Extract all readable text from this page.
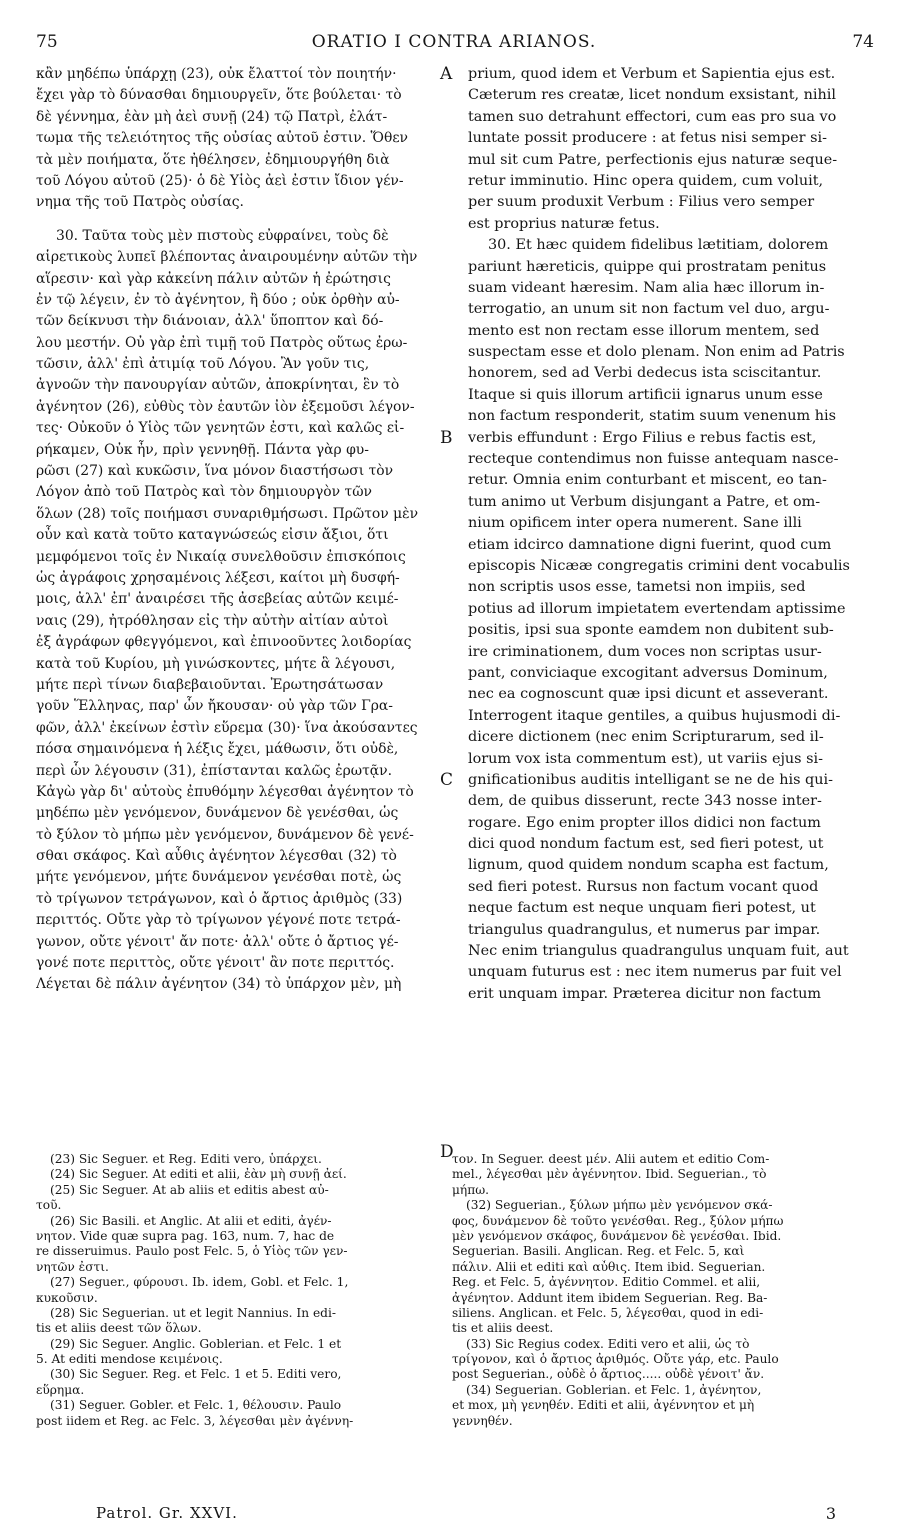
75	ORATIO I CONTRA ARIANOS.	74
κἂν μηδέπω ὑπάρχῃ (23), οὐκ ἔλαττοί τὸν ποιητήν·
ἔχει γὰρ τὸ δύνασθαι δημιουργεῖν, ὅτε βούλεται· τὸ
δὲ γέννημα, ἐὰν μὴ ἀεὶ συνῇ (24) τῷ Πατρὶ, ἐλάτ-
τωμα τῆς τελειότητος τῆς οὐσίας αὐτοῦ ἐστιν. Ὅθεν
τὰ μὲν ποιήματα, ὅτε ἠθέλησεν, ἐδημιουργήθη διὰ
τοῦ Λόγου αὐτοῦ (25)· ὁ δὲ Υἱὸς ἀεὶ ἐστιν ἴδιον γέν-
νημα τῆς τοῦ Πατρὸς οὐσίας.
30. Ταῦτα τοὺς μὲν πιστοὺς εὐφραίνει, τοὺς δὲ
αἱρετικοὺς λυπεῖ βλέποντας ἀναιρουμένην αὐτῶν τὴν
αἵρεσιν· καὶ γὰρ κἀκείνη πάλιν αὐτῶν ἡ ἐρώτησις
ἐν τῷ λέγειν, ἐν τὸ ἀγένητον, ἢ δύο ; οὐκ ὀρθὴν αὐ-
τῶν δείκνυσι τὴν διάνοιαν, ἀλλ' ὕποπτον καὶ δό-
λου μεστήν. Οὐ γὰρ ἐπὶ τιμῇ τοῦ Πατρὸς οὕτως ἐρω-
τῶσιν, ἀλλ' ἐπὶ ἀτιμίᾳ τοῦ Λόγου. Ἂν γοῦν τις,
ἀγνοῶν τὴν πανουργίαν αὐτῶν, ἀποκρίνηται, ἓν τὸ
ἀγένητον (26), εὐθὺς τὸν ἑαυτῶν ἰὸν ἐξεμοῦσι λέγον-
τες· Οὐκοῦν ὁ Υἱὸς τῶν γενητῶν ἐστι, καὶ καλῶς εἰ-
ρήκαμεν, Οὐκ ἦν, πρὶν γεννηθῇ. Πάντα γὰρ φυ-
ρῶσι (27) καὶ κυκῶσιν, ἵνα μόνον διαστήσωσι τὸν
Λόγον ἀπὸ τοῦ Πατρὸς καὶ τὸν δημιουργὸν τῶν
ὅλων (28) τοῖς ποιήμασι συναριθμήσωσι. Πρῶτον μὲν
οὖν καὶ κατὰ τοῦτο καταγνώσεώς εἰσιν ἄξιοι, ὅτι
μεμφόμενοι τοῖς ἐν Νικαίᾳ συνελθοῦσιν ἐπισκόποις
ὡς ἀγράφοις χρησαμένοις λέξεσι, καίτοι μὴ δυσφή-
μοις, ἀλλ' ἐπ' ἀναιρέσει τῆς ἀσεβείας αὐτῶν κειμέ-
ναις (29), ἠτρόθλησαν εἰς τὴν αὐτὴν αἰτίαν αὐτοὶ
ἐξ ἀγράφων φθεγγόμενοι, καὶ ἐπινοοῦντες λοιδορίας
κατὰ τοῦ Κυρίου, μὴ γινώσκοντες, μήτε ἃ λέγουσι,
μήτε περὶ τίνων διαβεβαιοῦνται. Ἐρωτησάτωσαν
γοῦν Ἕλληνας, παρ' ὧν ἤκουσαν· οὐ γὰρ τῶν Γρα-
φῶν, ἀλλ' ἐκείνων ἐστὶν εὕρεμα (30)· ἵνα ἀκούσαντες
πόσα σημαινόμενα ἡ λέξις ἔχει, μάθωσιν, ὅτι οὐδὲ,
περὶ ὧν λέγουσιν (31), ἐπίστανται καλῶς ἐρωτᾷν.
Κἀγὼ γὰρ δι' αὐτοὺς ἐπυθόμην λέγεσθαι ἀγένητον τὸ
μηδέπω μὲν γενόμενον, δυνάμενον δὲ γενέσθαι, ὡς
τὸ ξύλον τὸ μήπω μὲν γενόμενον, δυνάμενον δὲ γενέ-
σθαι σκάφος. Καὶ αὖθις ἀγένητον λέγεσθαι (32) τὸ
μήτε γενόμενον, μήτε δυνάμενον γενέσθαι ποτὲ, ὡς
τὸ τρίγωνον τετράγωνον, καὶ ὁ ἄρτιος ἀριθμὸς (33)
περιττός. Οὔτε γὰρ τὸ τρίγωνον γέγονέ ποτε τετρά-
γωνον, οὔτε γένοιτ' ἄν ποτε· ἀλλ' οὔτε ὁ ἄρτιος γέ-
γονέ ποτε περιττὸς, οὔτε γένοιτ' ἂν ποτε περιττός.
Λέγεται δὲ πάλιν ἀγένητον (34) τὸ ὑπάρχον μὲν, μὴ
prium, quod idem et Verbum et Sapientia ejus est.
Cæterum res creatæ, licet nondum exsistant, nihil
tamen suo detrahunt effectori, cum eas pro sua vo
luntate possit producere : at fetus nisi semper si-
mul sit cum Patre, perfectionis ejus naturæ seque-
retur imminutio. Hinc opera quidem, cum voluit,
per suum produxit Verbum : Filius vero semper
est proprius naturæ fetus.
30. Et hæc quidem fidelibus lætitiam, dolorem
pariunt hæreticis, quippe qui prostratam penitus
suam videant hæresim. Nam alia hæc illorum in-
terrogatio, an unum sit non factum vel duo, argu-
mento est non rectam esse illorum mentem, sed
suspectam esse et dolo plenam. Non enim ad Patris
honorem, sed ad Verbi dedecus ista sciscitantur.
Itaque si quis illorum artificii ignarus unum esse
non factum responderit, statim suum venenum his
verbis effundunt : Ergo Filius e rebus factis est,
recteque contendimus non fuisse antequam nasce-
retur. Omnia enim conturbant et miscent, eo tan-
tum animo ut Verbum disjungant a Patre, et om-
nium opificem inter opera numerent. Sane illi
etiam idcirco damnatione digni fuerint, quod cum
episcopis Nicææ congregatis crimini dent vocabulis
non scriptis usos esse, tametsi non impiis, sed
potius ad illorum impietatem evertendam aptissime
positis, ipsi sua sponte eamdem non dubitent sub-
ire criminationem, dum voces non scriptas usur-
pant, conviciaque excogitant adversus Dominum,
nec ea cognoscunt quæ ipsi dicunt et asseverant.
Interrogent itaque gentiles, a quibus hujusmodi di-
dicere dictionem (nec enim Scripturarum, sed il-
lorum vox ista commentum est), ut variis ejus si-
gnificationibus auditis intelligant se ne de his qui-
dem, de quibus disserunt, recte 343 nosse inter-
rogare. Ego enim propter illos didici non factum
dici quod nondum factum est, sed fieri potest, ut
lignum, quod quidem nondum scapha est factum,
sed fieri potest. Rursus non factum vocant quod
neque factum est neque unquam fieri potest, ut
triangulus quadrangulus, et numerus par impar.
Nec enim triangulus quadrangulus unquam fuit, aut
unquam futurus est : nec item numerus par fuit vel
erit unquam impar. Præterea dicitur non factum
A
B
C
D
(23) Sic Seguer. et Reg. Editi vero, ὑπάρχει.
(24) Sic Seguer. At editi et alii, ἐὰν μὴ συνῇ ἀεί.
(25) Sic Seguer. At ab aliis et editis abest αὐ-
τοῦ.
(26) Sic Basili. et Anglic. At alii et editi, ἀγέν-
νητον. Vide quæ supra pag. 163, num. 7, hac de
re disseruimus. Paulo post Felc. 5, ὁ Υἱὸς τῶν γεν-
νητῶν ἐστι.
(27) Seguer., φύρουσι. Ib. idem, Gobl. et Felc. 1,
κυκοῦσιν.
(28) Sic Seguerian. ut et legit Nannius. In edi-
tis et aliis deest τῶν ὅλων.
(29) Sic Seguer. Anglic. Goblerian. et Felc. 1 et
5. At editi mendose κειμένοις.
(30) Sic Seguer. Reg. et Felc. 1 et 5. Editi vero,
εὕρημα.
(31) Seguer. Gobler. et Felc. 1, θέλουσιν. Paulo
post iidem et Reg. ac Felc. 3, λέγεσθαι μὲν ἀγέννη-
τον. In Seguer. deest μέν. Alii autem et editio Com-
mel., λέγεσθαι μὲν ἀγέννητον. Ibid. Seguerian., τὸ
μήπω.
(32) Seguerian., ξύλων μήπω μὲν γενόμενον σκά-
φος, δυνάμενον δὲ τοῦτο γενέσθαι. Reg., ξύλον μήπω
μὲν γενόμενον σκάφος, δυνάμενον δὲ γενέσθαι. Ibid.
Seguerian. Basili. Anglican. Reg. et Felc. 5, καὶ
πάλιν. Alii et editi καὶ αὖθις. Item ibid. Seguerian.
Reg. et Felc. 5, ἀγέννητον. Editio Commel. et alii,
ἀγένητον. Addunt item ibidem Seguerian. Reg. Ba-
siliens. Anglican. et Felc. 5, λέγεσθαι, quod in edi-
tis et aliis deest.
(33) Sic Regius codex. Editi vero et alii, ὡς τὸ
τρίγονον, καὶ ὁ ἄρτιος ἀριθμός. Οὔτε γάρ, etc. Paulo
post Seguerian., οὐδὲ ὁ ἄρτιος..... οὐδὲ γένοιτ' ἄν.
(34) Seguerian. Goblerian. et Felc. 1, ἀγένητον,
et mox, μὴ γενηθέν. Editi et alii, ἀγέννητον et μὴ
γεννηθέν.
Patrol. Gr. XXVI.	3
